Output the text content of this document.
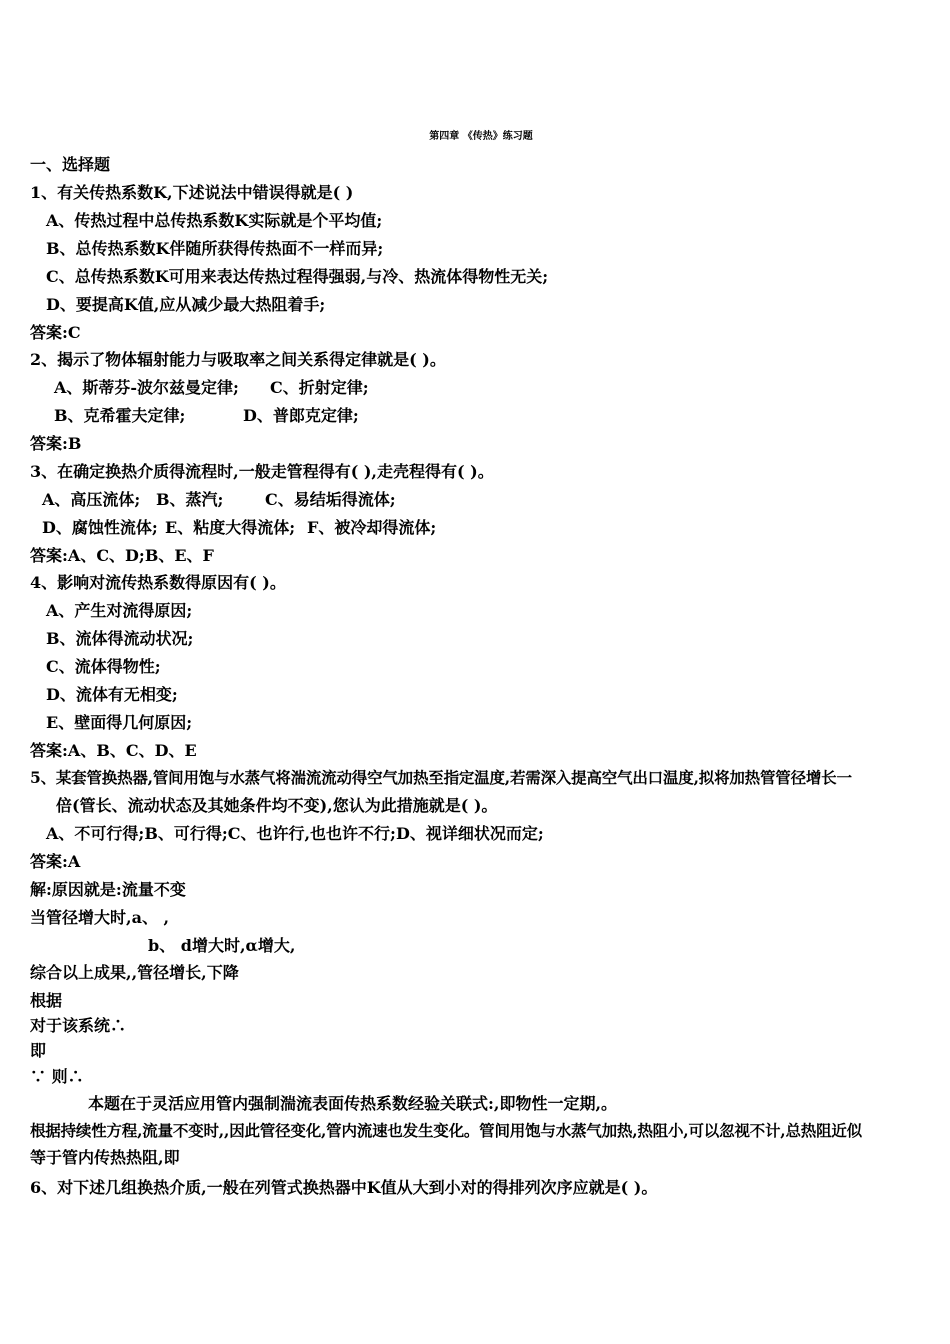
第四章 《传热》练习题
一、选择题
1、有关传热系数K,下述说法中错误得就是( )
A、传热过程中总传热系数K实际就是个平均值;
B、总传热系数K伴随所获得传热面不一样而异;
C、总传热系数K可用来表达传热过程得强弱,与冷、热流体得物性无关;
D、要提高K值,应从减少最大热阻着手;
答案:C
2、揭示了物体辐射能力与吸取率之间关系得定律就是( )。
A、斯蒂芬-波尔兹曼定律; C、折射定律;
B、克希霍夫定律;	D、普郎克定律;
答案:B
3、在确定换热介质得流程时,一般走管程得有( ),走壳程得有( )。
A、高压流体; B、蒸汽;	C、易结垢得流体;
D、腐蚀性流体; E、粘度大得流体; F、被冷却得流体;
答案:A、C、D;B、E、F
4、影响对流传热系数得原因有( )。
A、产生对流得原因;
B、流体得流动状况;
C、流体得物性;
D、流体有无相变;
E、壁面得几何原因;
答案:A、B、C、D、E
5、某套管换热器,管间用饱与水蒸气将湍流流动得空气加热至指定温度,若需深入提高空气出口温度,拟将加热管管径增长一
倍(管长、流动状态及其她条件均不变),您认为此措施就是( )。
A、不可行得;B、可行得;C、也许行,也也许不行;D、视详细状况而定;
答案:A
解:原因就是:流量不变
当管径增大时,a、 ,
b、 d增大时,α增大,
综合以上成果,,管径增长,下降
根据
对于该系统∴
即
∵ 则∴
本题在于灵活应用管内强制湍流表面传热系数经验关联式:,即物性一定期,。
根据持续性方程,流量不变时,,因此管径变化,管内流速也发生变化。管间用饱与水蒸气加热,热阻小,可以忽视不计,总热阻近似
等于管内传热热阻,即
6、对下述几组换热介质,一般在列管式换热器中K值从大到小对的得排列次序应就是( )。
